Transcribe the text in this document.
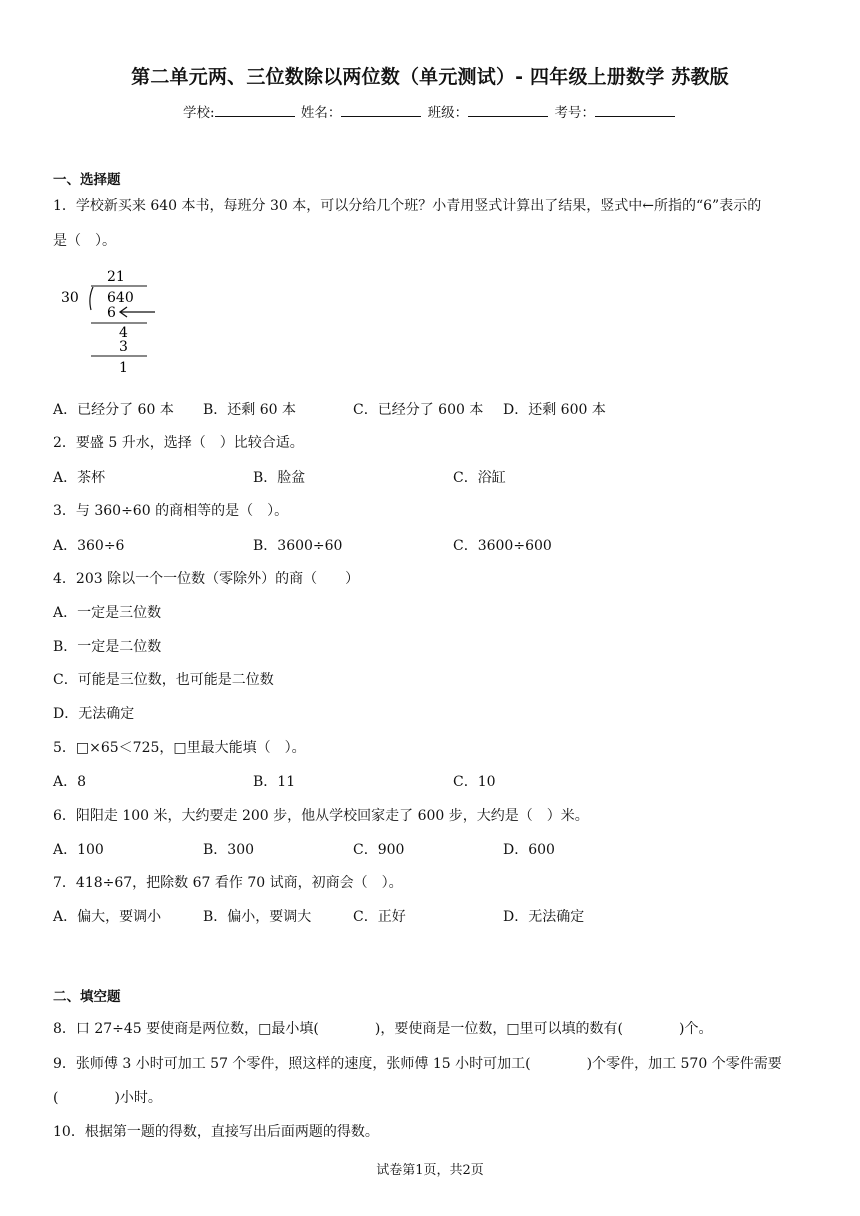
第二单元两、三位数除以两位数（单元测试）- 四年级上册数学 苏教版
学校:	姓名：	班级：	考号：
一、选择题
1．学校新买来 640 本书，每班分 30 本，可以分给几个班？小青用竖式计算出了结果，竖式中←所指的“6”表示的
是（　）。
21
30 640
6
4
3
1
A．已经分了 60 本 B．还剩 60 本	C．已经分了 600 本 D．还剩 600 本
2．要盛 5 升水，选择（　）比较合适。
A．茶杯	B．脸盆	C．浴缸
3．与 360÷60 的商相等的是（　）。
A．360÷6	B．3600÷60	C．3600÷600
4．203 除以一个一位数（零除外）的商（　　）
A．一定是三位数
B．一定是二位数
C．可能是三位数，也可能是二位数
D．无法确定
5．□×65＜725，□里最大能填（　）。
A．8	B．11	C．10
6．阳阳走 100 米，大约要走 200 步，他从学校回家走了 600 步，大约是（　）米。
A．100	B．300	C．900	D．600
7．418÷67，把除数 67 看作 70 试商，初商会（　）。
A．偏大，要调小	B．偏小，要调大	C．正好	D．无法确定
二、填空题
8．口 27÷45 要使商是两位数，□最小填(　　　　)，要使商是一位数，□里可以填的数有(　　　　)个。
9．张师傅 3 小时可加工 57 个零件，照这样的速度，张师傅 15 小时可加工(　　　　)个零件，加工 570 个零件需要
(　　　　)小时。
10．根据第一题的得数，直接写出后面两题的得数。
试卷第1页，共2页
